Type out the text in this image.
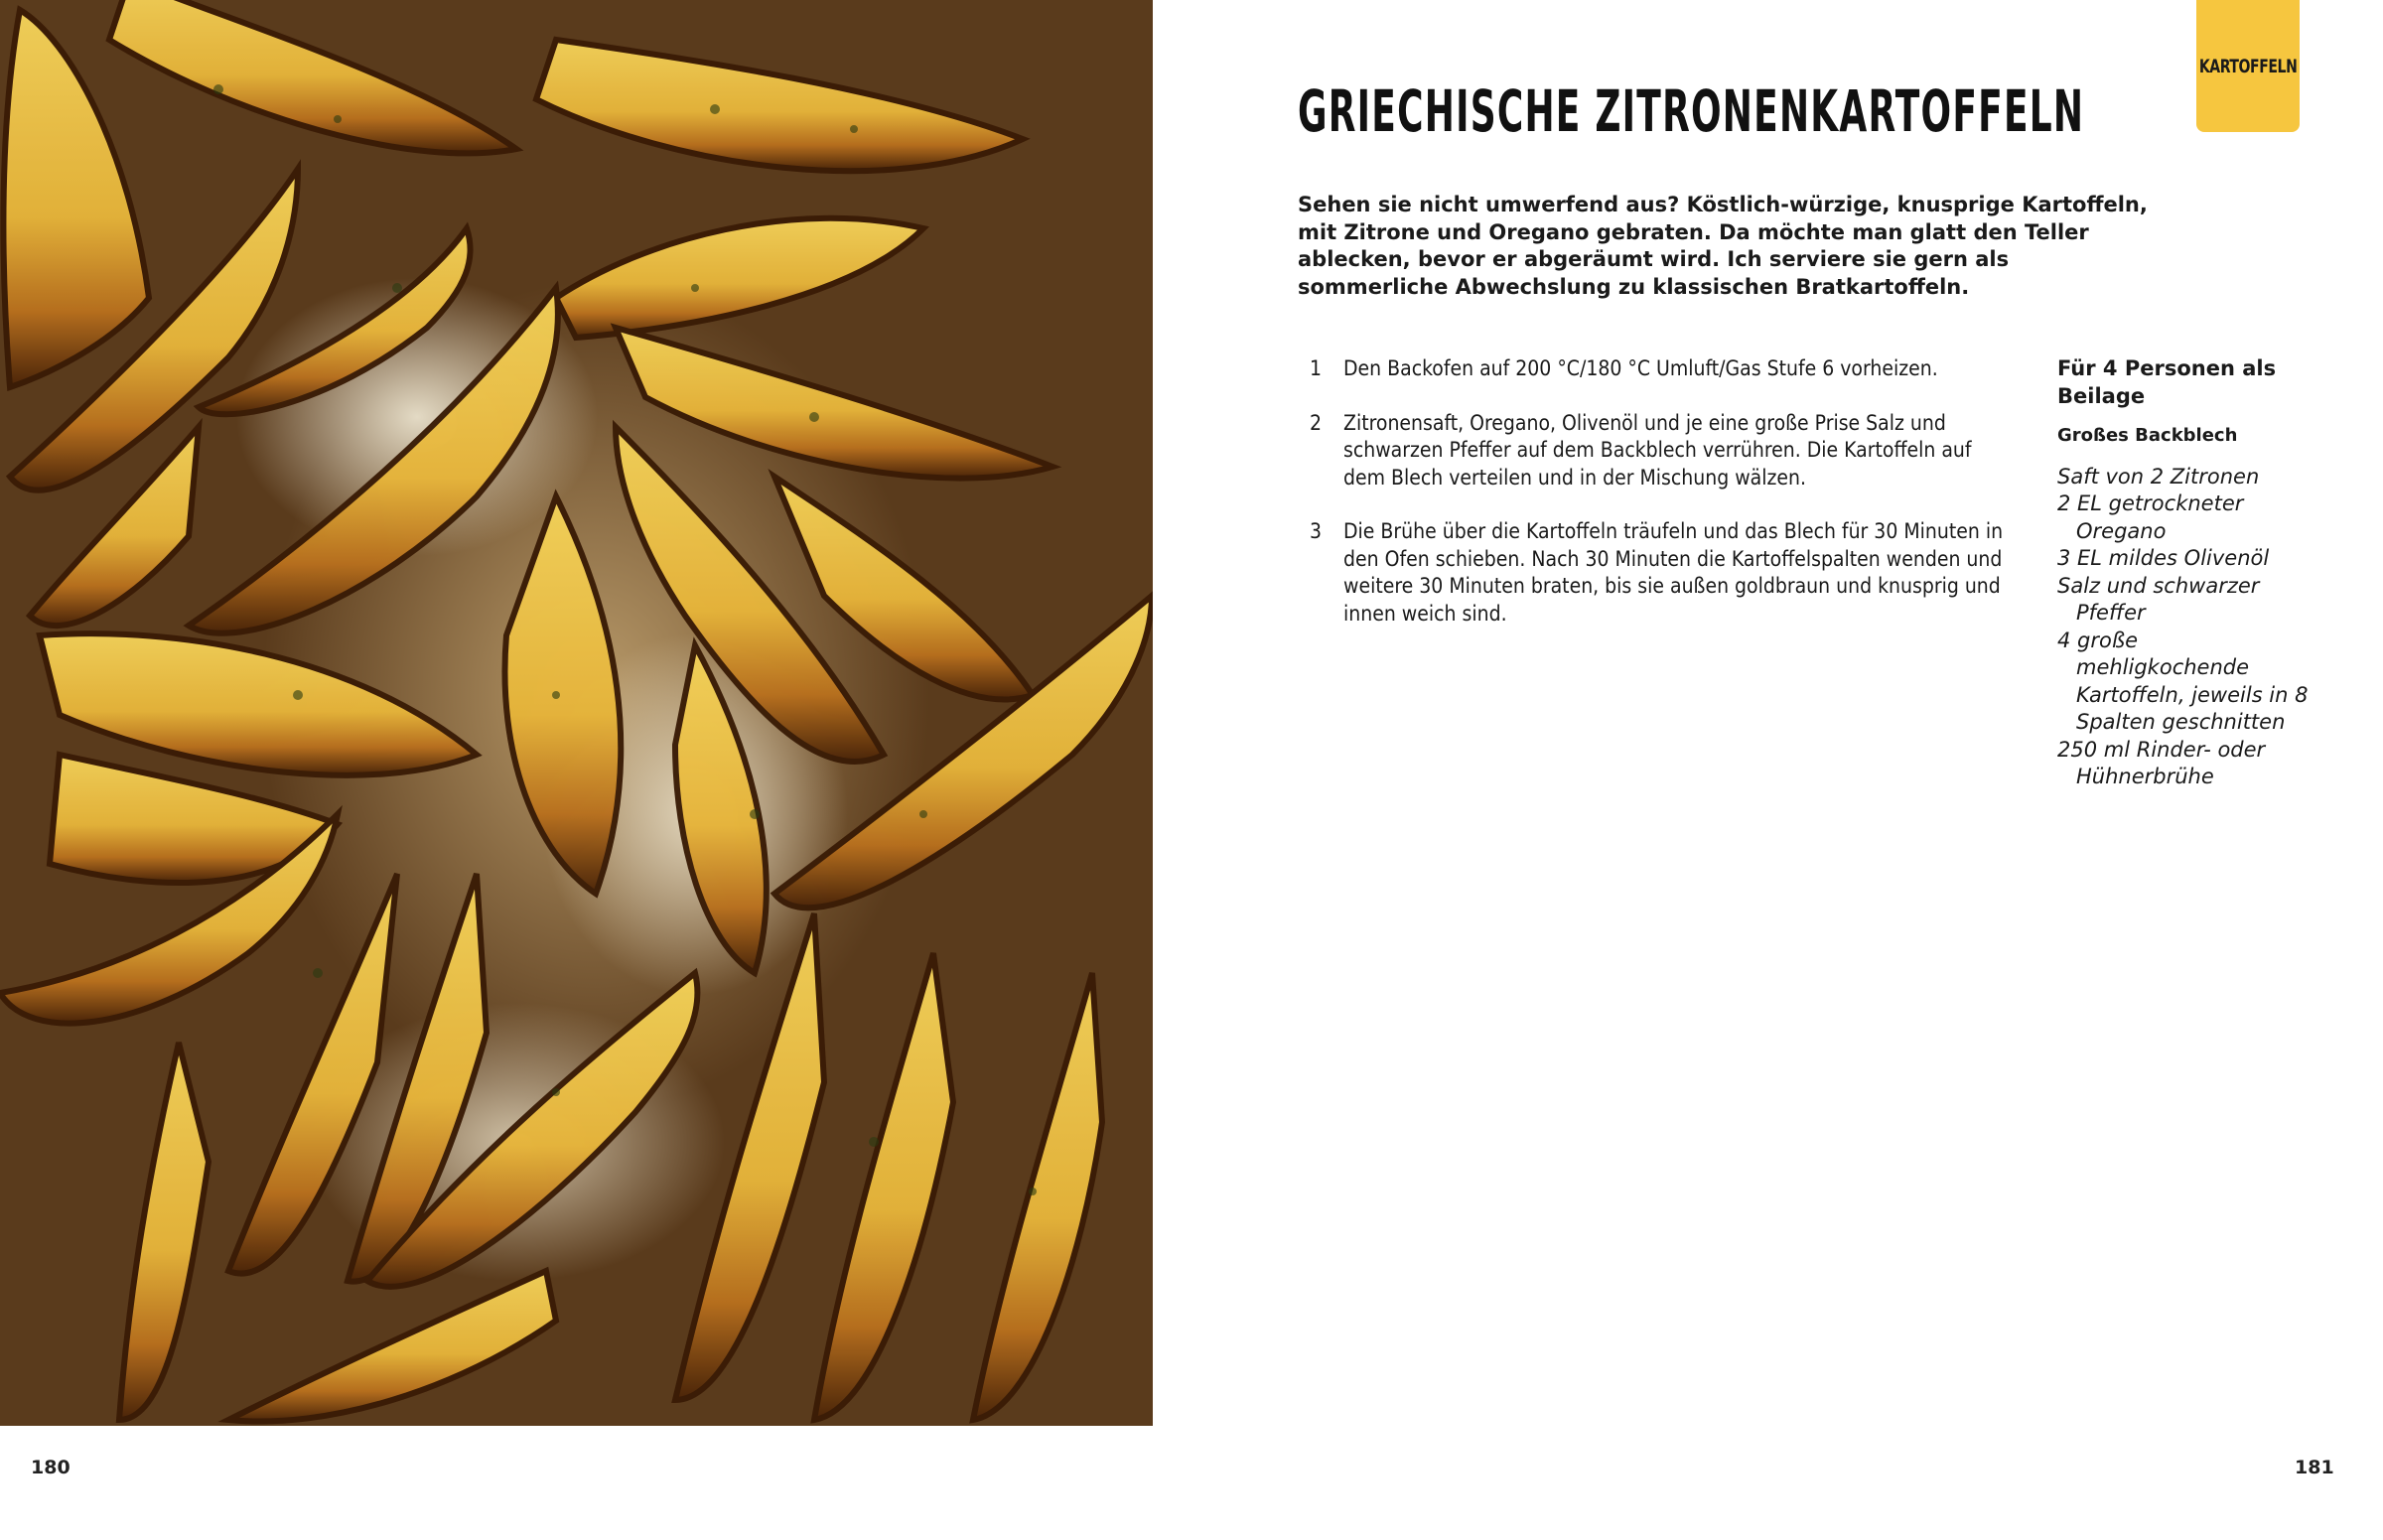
KARTOFFELN
GRIECHISCHE ZITRONENKARTOFFELN

Sehen sie nicht umwerfend aus? Köstlich-würzige, knusprige Kartoffeln, mit Zitrone und Oregano gebraten. Da möchte man glatt den Teller ablecken, bevor er abgeräumt wird. Ich serviere sie gern als sommerliche Abwechslung zu klassischen Bratkartoffeln.

1 Den Backofen auf 200 °C/180 °C Umluft/Gas Stufe 6 vorheizen.
2 Zitronensaft, Oregano, Olivenöl und je eine große Prise Salz und schwarzen Pfeffer auf dem Backblech verrühren. Die Kartoffeln auf dem Blech verteilen und in der Mischung wälzen.
3 Die Brühe über die Kartoffeln träufeln und das Blech für 30 Minuten in den Ofen schieben. Nach 30 Minuten die Kartoffelspalten wenden und weitere 30 Minuten braten, bis sie außen goldbraun und knusprig und innen weich sind.

Für 4 Personen als Beilage

Großes Backblech

Saft von 2 Zitronen
2 EL getrockneter Oregano
3 EL mildes Olivenöl
Salz und schwarzer Pfeffer
4 große mehligkochende Kartoffeln, jeweils in 8 Spalten geschnitten
250 ml Rinder- oder Hühnerbrühe
180	181
